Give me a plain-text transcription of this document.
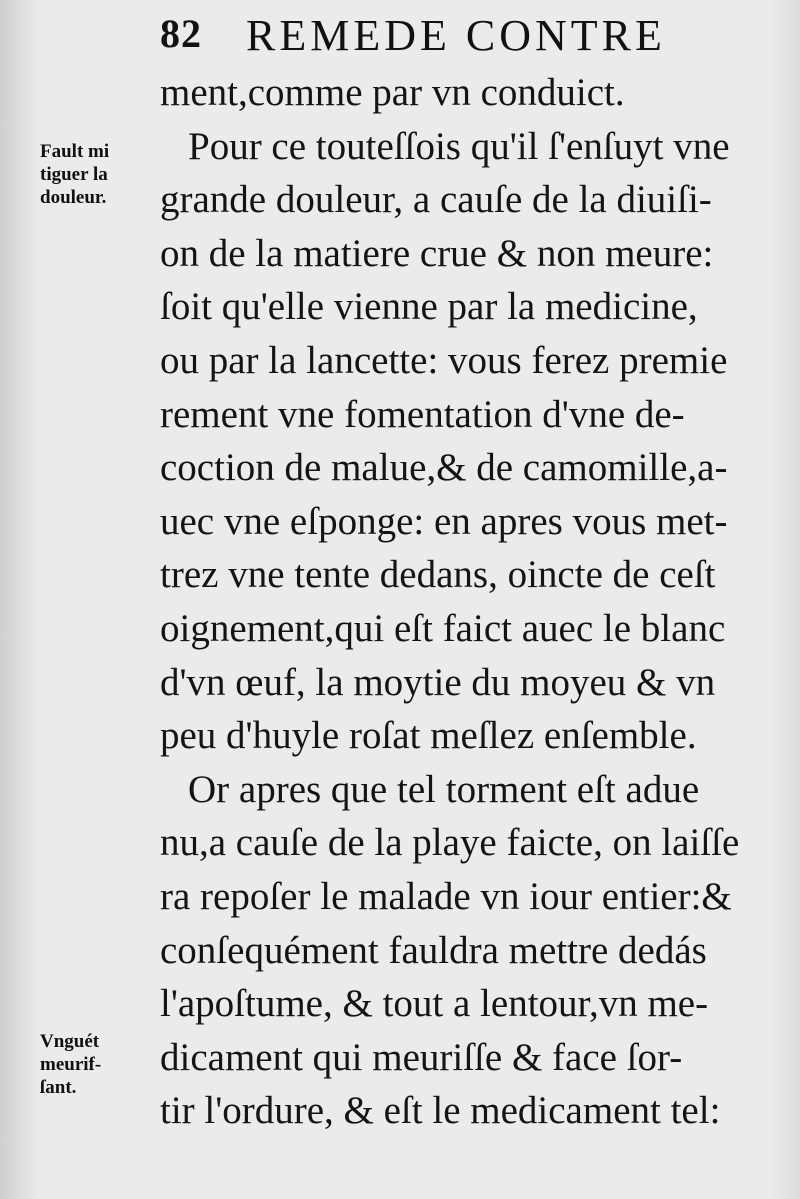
82 REMEDE CONTRE
Fault mi
tiguer la
douleur.
Vnguét
meurif-
ſant.
ment,comme par vn conduict.
Pour ce touteſſois qu'il ſ'enſuyt vne
grande douleur, a cauſe de la diuiſi-
on de la matiere crue & non meure:
ſoit qu'elle vienne par la medicine,
ou par la lancette: vous ferez premie
rement vne fomentation d'vne de-
coction de malue,& de camomille,a-
uec vne eſponge: en apres vous met-
trez vne tente dedans, oincte de ceſt
oignement,qui eſt faict auec le blanc
d'vn œuf, la moytie du moyeu & vn
peu d'huyle roſat meſlez enſemble.
Or apres que tel torment eſt adue
nu,a cauſe de la playe faicte, on laiſſe
ra repoſer le malade vn iour entier:&
conſequément fauldra mettre dedás
l'apoſtume, & tout a lentour,vn me-
dicament qui meuriſſe & face ſor-
tir l'ordure, & eſt le medicament tel:
